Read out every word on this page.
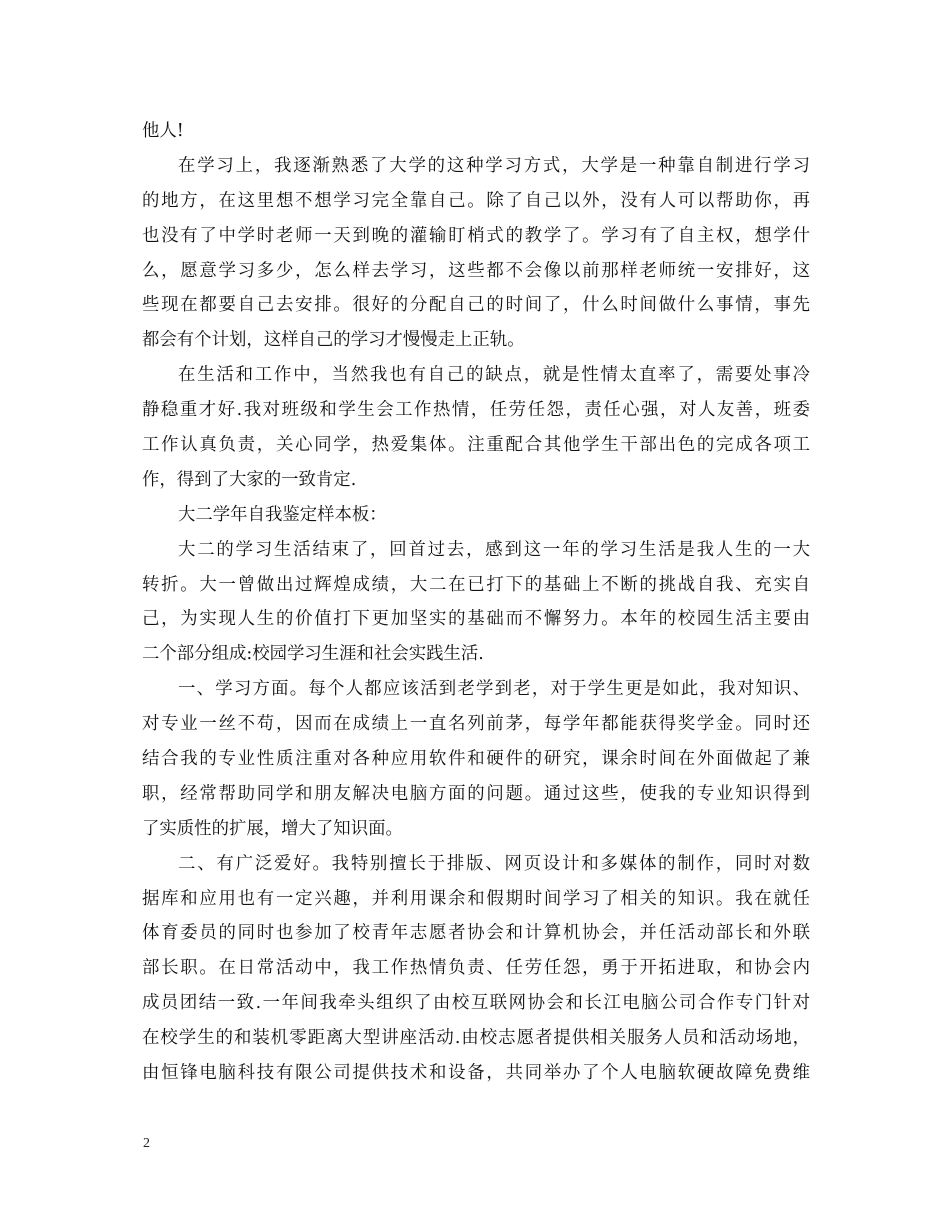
他人!
在学习上，我逐渐熟悉了大学的这种学习方式，大学是一种靠自制进行学习
的地方，在这里想不想学习完全靠自己。除了自己以外，没有人可以帮助你，再
也没有了中学时老师一天到晚的灌输盯梢式的教学了。学习有了自主权，想学什
么，愿意学习多少，怎么样去学习，这些都不会像以前那样老师统一安排好，这
些现在都要自己去安排。很好的分配自己的时间了，什么时间做什么事情，事先
都会有个计划，这样自己的学习才慢慢走上正轨。
在生活和工作中，当然我也有自己的缺点，就是性情太直率了，需要处事冷
静稳重才好.我对班级和学生会工作热情，任劳任怨，责任心强，对人友善，班委
工作认真负责，关心同学，热爱集体。注重配合其他学生干部出色的完成各项工
作，得到了大家的一致肯定.
大二学年自我鉴定样本板：
大二的学习生活结束了，回首过去，感到这一年的学习生活是我人生的一大
转折。大一曾做出过辉煌成绩，大二在已打下的基础上不断的挑战自我、充实自
己，为实现人生的价值打下更加坚实的基础而不懈努力。本年的校园生活主要由
二个部分组成:校园学习生涯和社会实践生活.
一、学习方面。每个人都应该活到老学到老，对于学生更是如此，我对知识、
对专业一丝不苟，因而在成绩上一直名列前茅，每学年都能获得奖学金。同时还
结合我的专业性质注重对各种应用软件和硬件的研究，课余时间在外面做起了兼
职，经常帮助同学和朋友解决电脑方面的问题。通过这些，使我的专业知识得到
了实质性的扩展，增大了知识面。
二、有广泛爱好。我特别擅长于排版、网页设计和多媒体的制作，同时对数
据库和应用也有一定兴趣，并利用课余和假期时间学习了相关的知识。我在就任
体育委员的同时也参加了校青年志愿者协会和计算机协会，并任活动部长和外联
部长职。在日常活动中，我工作热情负责、任劳任怨，勇于开拓进取，和协会内
成员团结一致.一年间我牵头组织了由校互联网协会和长江电脑公司合作专门针对
在校学生的和装机零距离大型讲座活动.由校志愿者提供相关服务人员和活动场地，
由恒锋电脑科技有限公司提供技术和设备，共同举办了个人电脑软硬故障免费维
2
